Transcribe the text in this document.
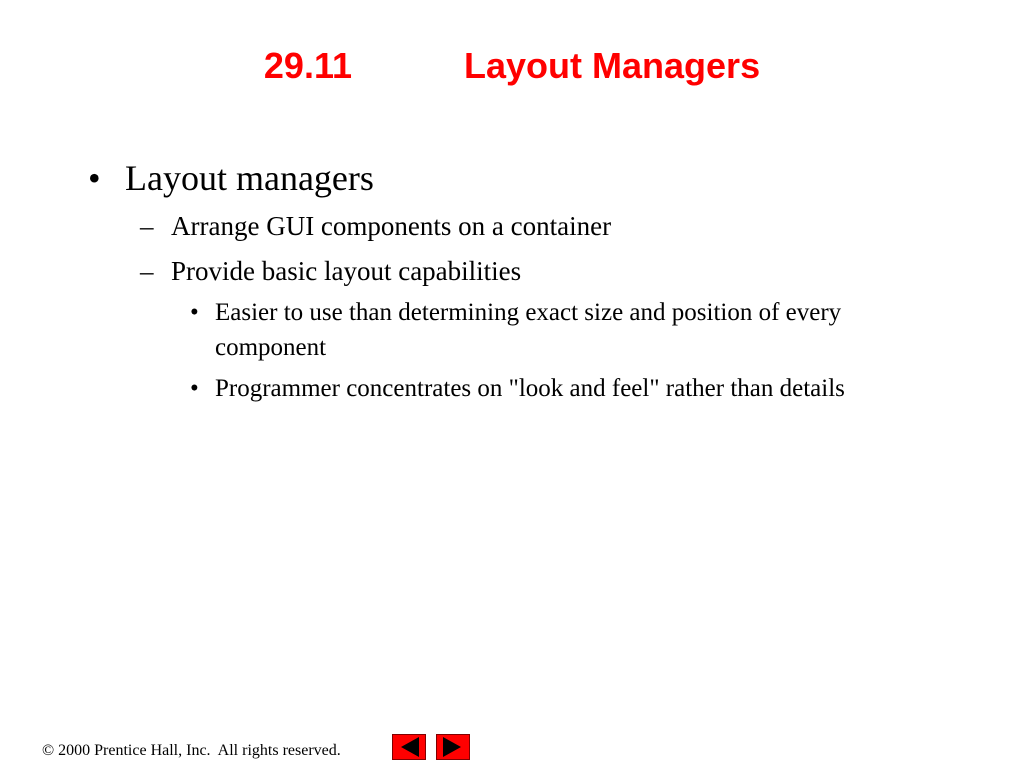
29.11	Layout Managers
• Layout managers
– Arrange GUI components on a container
– Provide basic layout capabilities
• Easier to use than determining exact size and position of every
component
• Programmer concentrates on "look and feel" rather than details
© 2000 Prentice Hall, Inc.  All rights reserved.
